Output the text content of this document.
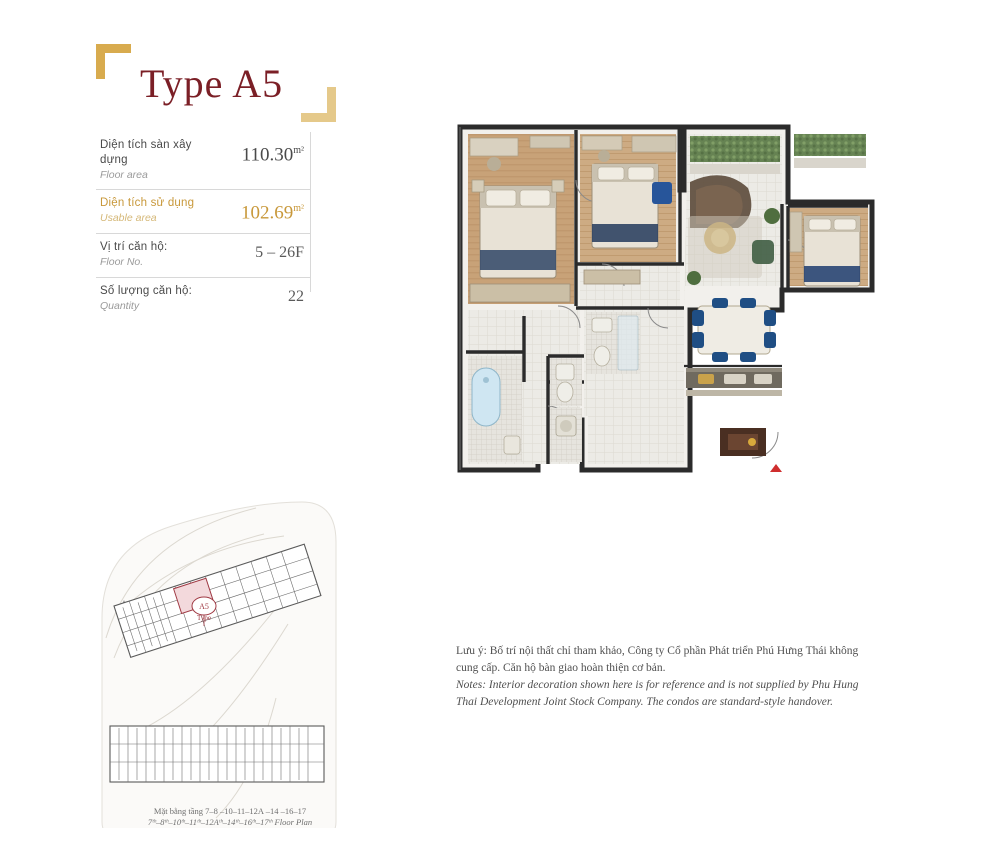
Type A5
Diện tích sàn xây dựng
Floor area
$110.30^{m^2}$
Diện tích sử dụng
Usable area	$102.69^{m^2}$
Vị trí căn hộ:
Floor No.
5 – 26F
Số lượng căn hộ:
Quantity
22
A5
Type
Mặt bằng tầng 7–8 –10–11–12A –14 –16–17
7ᵗʰ–8ᵗʰ–10ᵗʰ–11ᵗʰ–12Aᵗʰ–14ᵗʰ–16ᵗʰ–17ᵗʰ Floor Plan
Lưu ý: Bố trí nội thất chỉ tham khảo, Công ty Cổ phần Phát triển Phú Hưng Thái không cung cấp. Căn hộ bàn giao hoàn thiện cơ bản.
Notes: Interior decoration shown here is for reference and is not supplied by Phu Hung Thai Development Joint Stock Company. The condos are standard-style handover.
